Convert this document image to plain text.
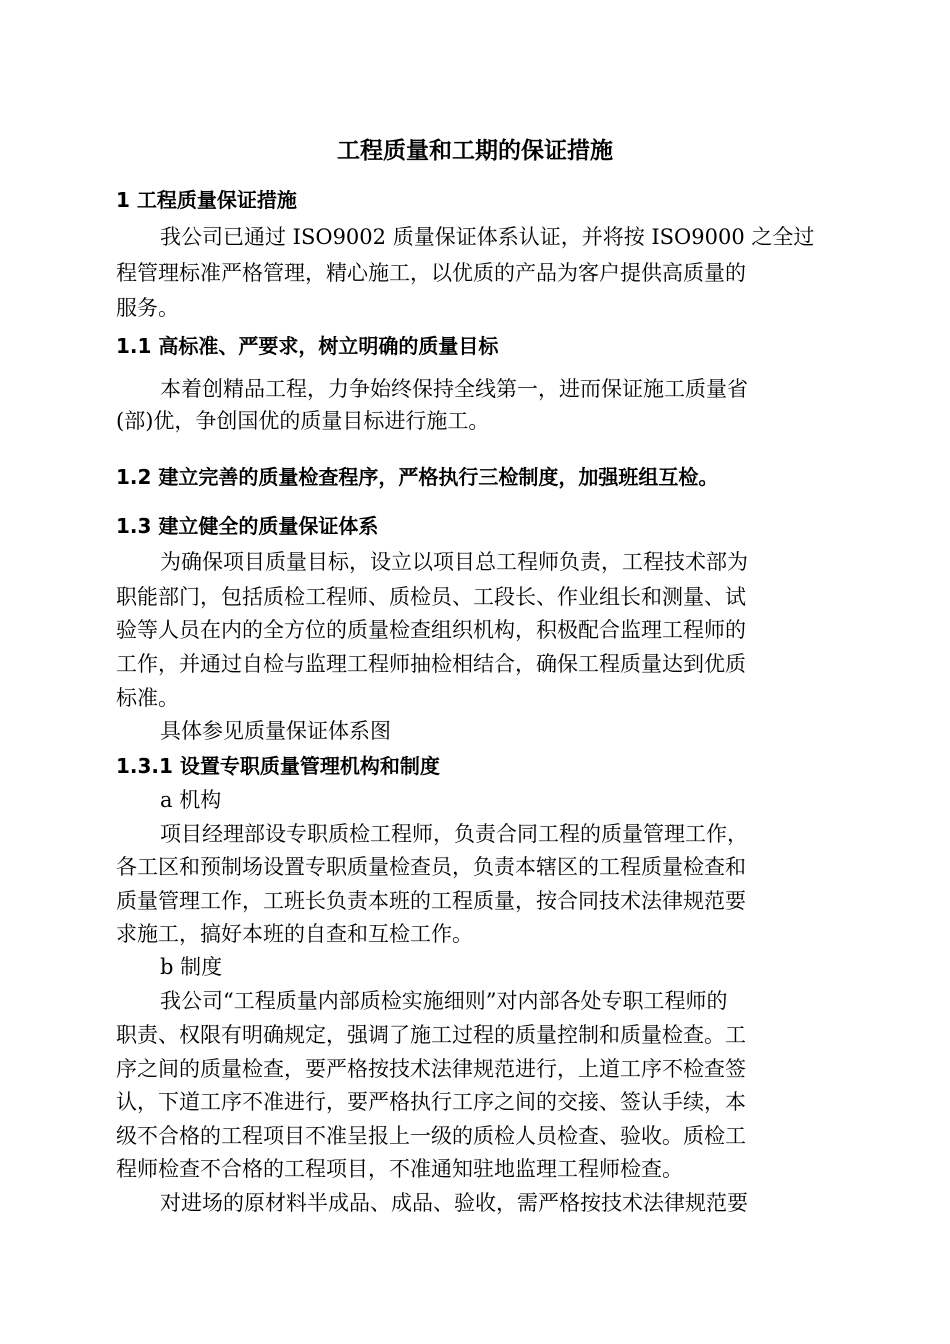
工程质量和工期的保证措施
1 工程质量保证措施
我公司已通过 ISO9002 质量保证体系认证，并将按 ISO9000 之全过
程管理标准严格管理，精心施工，以优质的产品为客户提供高质量的
服务。
1.1 高标准、严要求，树立明确的质量目标
本着创精品工程，力争始终保持全线第一，进而保证施工质量省
(部)优，争创国优的质量目标进行施工。
1.2 建立完善的质量检查程序，严格执行三检制度，加强班组互检。
1.3 建立健全的质量保证体系
为确保项目质量目标，设立以项目总工程师负责，工程技术部为
职能部门，包括质检工程师、质检员、工段长、作业组长和测量、试
验等人员在内的全方位的质量检查组织机构，积极配合监理工程师的
工作，并通过自检与监理工程师抽检相结合，确保工程质量达到优质
标准。
具体参见质量保证体系图
1.3.1 设置专职质量管理机构和制度
a 机构
项目经理部设专职质检工程师，负责合同工程的质量管理工作，
各工区和预制场设置专职质量检查员，负责本辖区的工程质量检查和
质量管理工作，工班长负责本班的工程质量，按合同技术法律规范要
求施工，搞好本班的自查和互检工作。
b 制度
我公司“工程质量内部质检实施细则”对内部各处专职工程师的
职责、权限有明确规定，强调了施工过程的质量控制和质量检查。工
序之间的质量检查，要严格按技术法律规范进行，上道工序不检查签
认，下道工序不准进行，要严格执行工序之间的交接、签认手续，本
级不合格的工程项目不准呈报上一级的质检人员检查、验收。质检工
程师检查不合格的工程项目，不准通知驻地监理工程师检查。
对进场的原材料半成品、成品、验收，需严格按技术法律规范要
